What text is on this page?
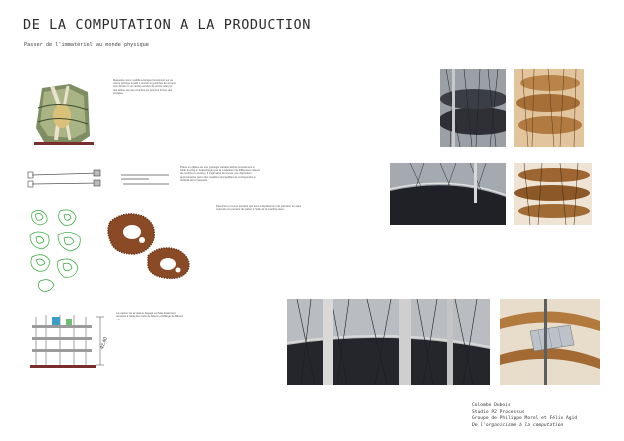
DE LA COMPUTATION A LA PRODUCTION
Passer de l'immatériel au monde physique
Maquette cuivre modifié ectotique fonctionnel sur sa même principe le lieth s ouvrièr et gutuches de surnom som dimbé en un certain nombre de points relié par des débris ces des couches qui peuvent former des surfaces.
Piliers en câbles est une typologie variable définie précisément à l'aide du plug-in Grasshopper par la modulation de différentes valeurs de courbes en cuivres. Il s'agit alors de trouver une disposition approximative parmi des modèles susceptibles de correspondre à l'échelle de la maquette.
Planchers et cuivre pendant que seul a déplacement de précision en étant exécutés sur perrière de cartier à l'aide de la machine laser.
42.40
La maison est la vitaque dégagé est faite finalement mesurée à l'aide des outils de label à «Ouillinge de Bltroco ...»
Colombe Dubois
Studio P2 Processus
Groupe de Philippe Morel et Félix Agid
De l'organicisme à la computation
